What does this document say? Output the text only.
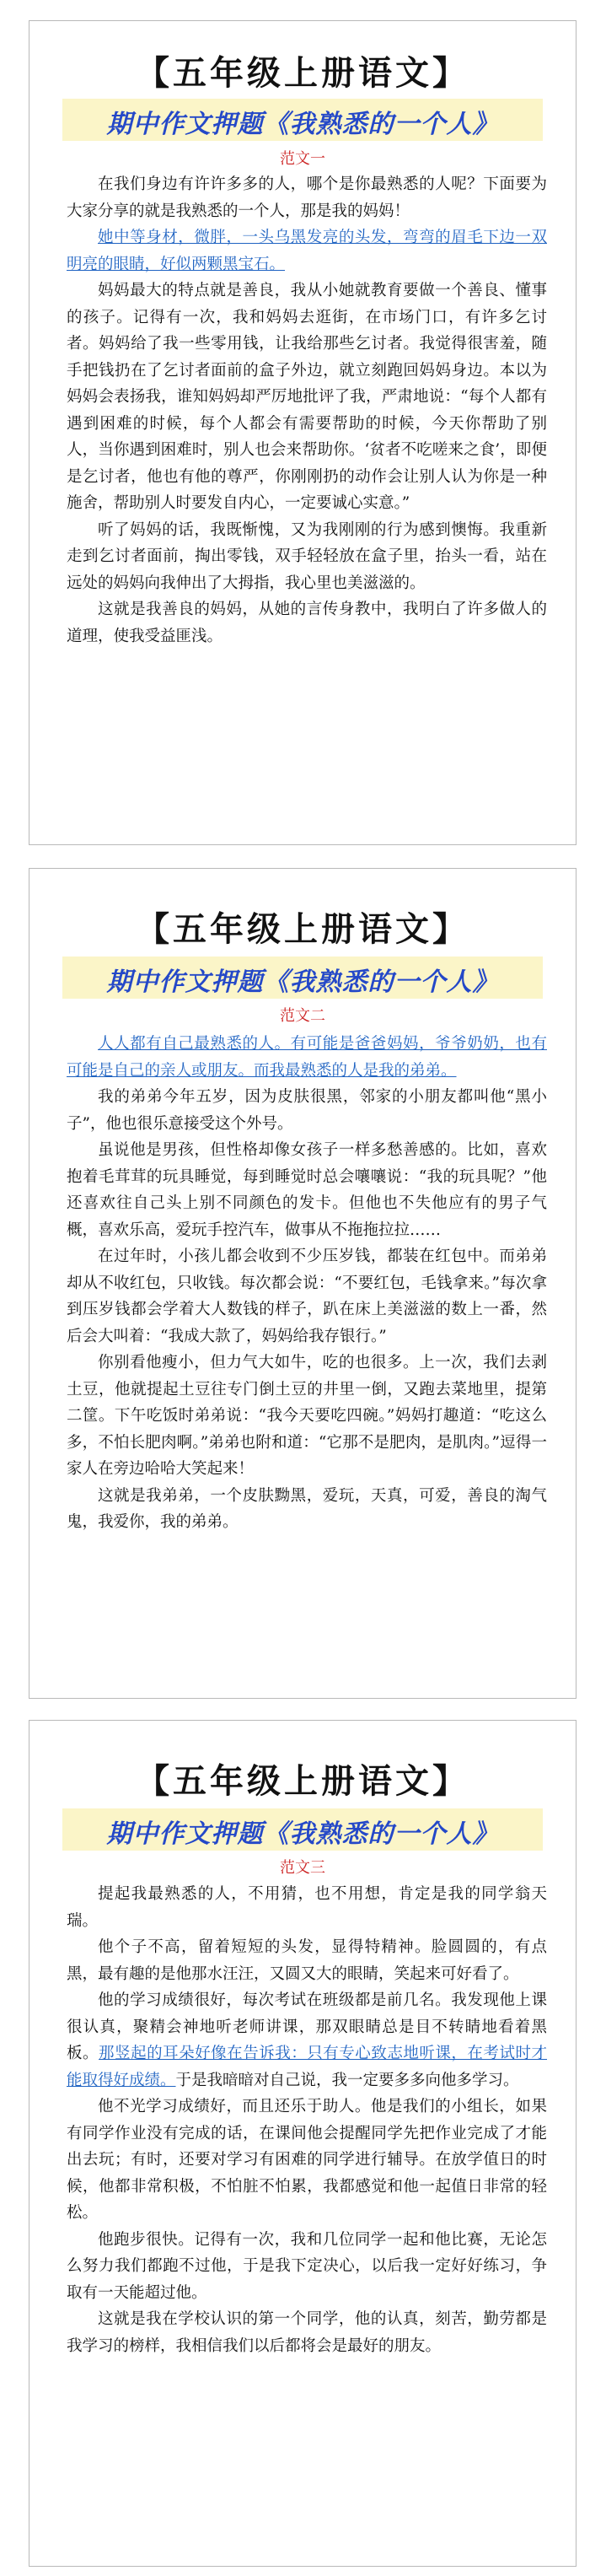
【五年级上册语文】
期中作文押题《我熟悉的一个人》
范文一

在我们身边有许许多多的人，哪个是你最熟悉的人呢？下面要为大家分享的就是我熟悉的一个人，那是我的妈妈！

她中等身材，微胖，一头乌黑发亮的头发，弯弯的眉毛下边一双明亮的眼睛，好似两颗黑宝石。

妈妈最大的特点就是善良，我从小她就教育要做一个善良、懂事的孩子。记得有一次，我和妈妈去逛街，在市场门口，有许多乞讨者。妈妈给了我一些零用钱，让我给那些乞讨者。我觉得很害羞，随手把钱扔在了乞讨者面前的盒子外边，就立刻跑回妈妈身边。本以为妈妈会表扬我，谁知妈妈却严厉地批评了我，严肃地说：“每个人都有遇到困难的时候，每个人都会有需要帮助的时候，今天你帮助了别人，当你遇到困难时，别人也会来帮助你。‘贫者不吃嗟来之食’，即便是乞讨者，他也有他的尊严，你刚刚扔的动作会让别人认为你是一种施舍，帮助别人时要发自内心，一定要诚心实意。”

听了妈妈的话，我既惭愧，又为我刚刚的行为感到懊悔。我重新走到乞讨者面前，掏出零钱，双手轻轻放在盒子里，抬头一看，站在远处的妈妈向我伸出了大拇指，我心里也美滋滋的。

这就是我善良的妈妈，从她的言传身教中，我明白了许多做人的道理，使我受益匪浅。

【五年级上册语文】
期中作文押题《我熟悉的一个人》
范文二

人人都有自己最熟悉的人。有可能是爸爸妈妈，爷爷奶奶，也有可能是自己的亲人或朋友。而我最熟悉的人是我的弟弟。

我的弟弟今年五岁，因为皮肤很黑，邻家的小朋友都叫他“黑小子”，他也很乐意接受这个外号。

虽说他是男孩，但性格却像女孩子一样多愁善感的。比如，喜欢抱着毛茸茸的玩具睡觉，每到睡觉时总会嚷嚷说：“我的玩具呢？”他还喜欢往自己头上别不同颜色的发卡。但他也不失他应有的男子气概，喜欢乐高，爱玩手控汽车，做事从不拖拖拉拉……

在过年时，小孩儿都会收到不少压岁钱，都装在红包中。而弟弟却从不收红包，只收钱。每次都会说：“不要红包，毛钱拿来。”每次拿到压岁钱都会学着大人数钱的样子，趴在床上美滋滋的数上一番，然后会大叫着：“我成大款了，妈妈给我存银行。”

你别看他瘦小，但力气大如牛，吃的也很多。上一次，我们去剥土豆，他就提起土豆往专门倒土豆的井里一倒，又跑去菜地里，提第二筐。下午吃饭时弟弟说：“我今天要吃四碗。”妈妈打趣道：“吃这么多，不怕长肥肉啊。”弟弟也附和道：“它那不是肥肉，是肌肉。”逗得一家人在旁边哈哈大笑起来！

这就是我弟弟，一个皮肤黝黑，爱玩，天真，可爱，善良的淘气鬼，我爱你，我的弟弟。

【五年级上册语文】
期中作文押题《我熟悉的一个人》
范文三

提起我最熟悉的人，不用猜，也不用想，肯定是我的同学翁天瑞。

他个子不高，留着短短的头发，显得特精神。脸圆圆的，有点黑，最有趣的是他那水汪汪，又圆又大的眼睛，笑起来可好看了。

他的学习成绩很好，每次考试在班级都是前几名。我发现他上课很认真，聚精会神地听老师讲课，那双眼睛总是目不转睛地看着黑板。那竖起的耳朵好像在告诉我：只有专心致志地听课，在考试时才能取得好成绩。于是我暗暗对自己说，我一定要多多向他多学习。

他不光学习成绩好，而且还乐于助人。他是我们的小组长，如果有同学作业没有完成的话，在课间他会提醒同学先把作业完成了才能出去玩；有时，还要对学习有困难的同学进行辅导。在放学值日的时候，他都非常积极，不怕脏不怕累，我都感觉和他一起值日非常的轻松。

他跑步很快。记得有一次，我和几位同学一起和他比赛，无论怎么努力我们都跑不过他，于是我下定决心，以后我一定好好练习，争取有一天能超过他。

这就是我在学校认识的第一个同学，他的认真，刻苦，勤劳都是我学习的榜样，我相信我们以后都将会是最好的朋友。
